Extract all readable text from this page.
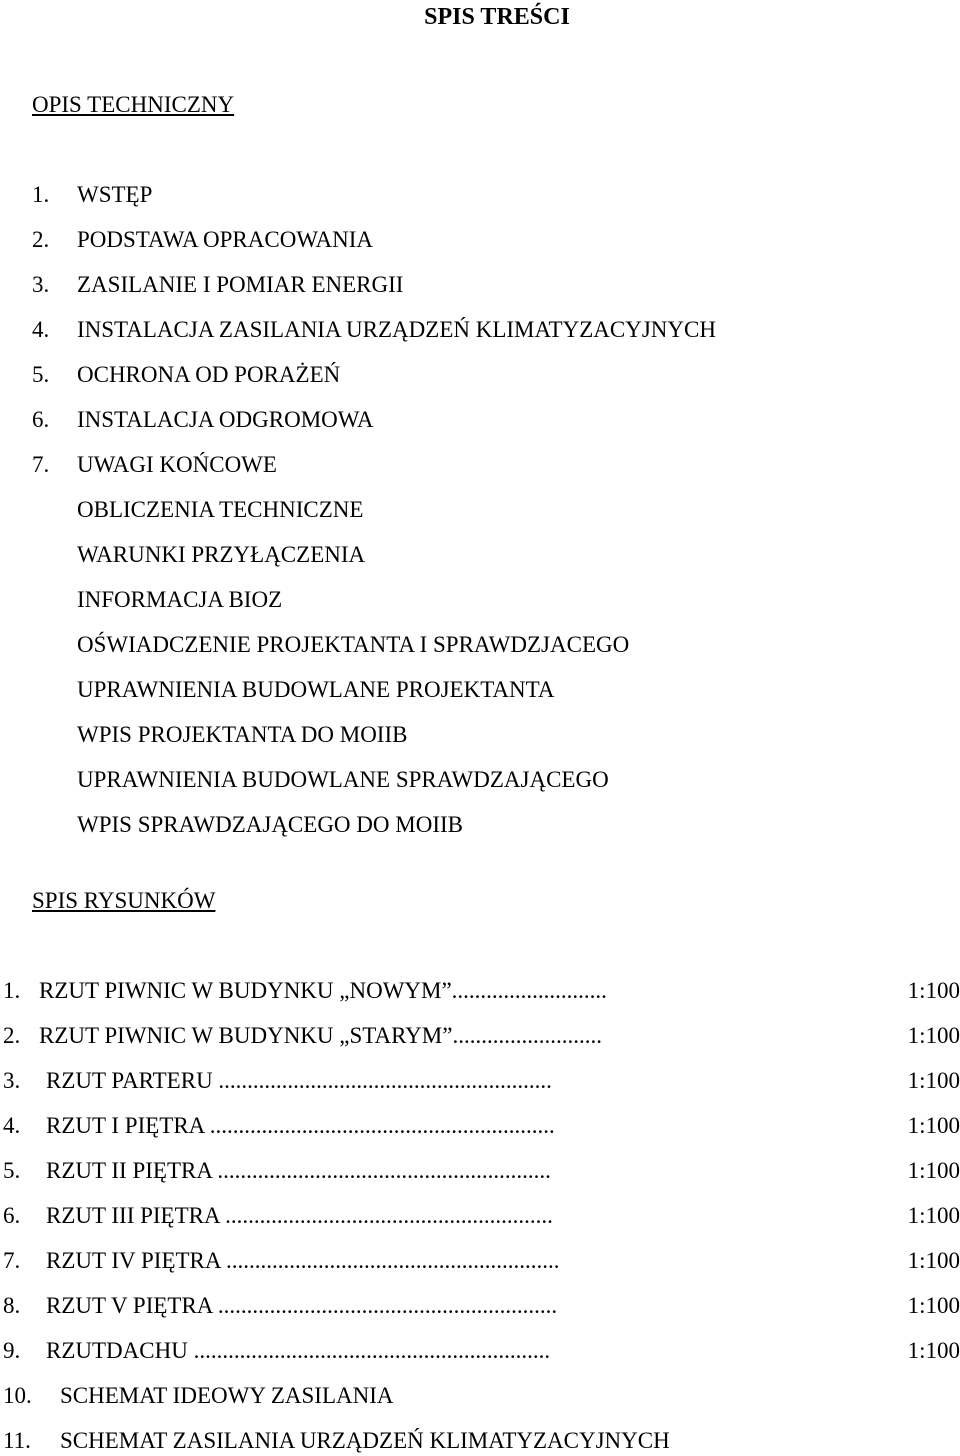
SPIS TREŚCI
OPIS TECHNICZNY
1. WSTĘP
2. PODSTAWA OPRACOWANIA
3. ZASILANIE I POMIAR ENERGII
4. INSTALACJA ZASILANIA URZĄDZEŃ KLIMATYZACYJNYCH
5. OCHRONA OD PORAŻEŃ
6. INSTALACJA ODGROMOWA
7. UWAGI KOŃCOWE
OBLICZENIA TECHNICZNE
WARUNKI PRZYŁĄCZENIA
INFORMACJA BIOZ
OŚWIADCZENIE PROJEKTANTA I SPRAWDZJACEGO
UPRAWNIENIA BUDOWLANE PROJEKTANTA
WPIS PROJEKTANTA DO MOIIB
UPRAWNIENIA BUDOWLANE SPRAWDZAJĄCEGO
WPIS SPRAWDZAJĄCEGO DO MOIIB
SPIS RYSUNKÓW
1. RZUT PIWNIC W BUDYNKU „NOWYM”...........................	1:100
2. RZUT PIWNIC W BUDYNKU „STARYM”..........................	1:100
3. RZUT PARTERU ..........................................................	1:100
4. RZUT I PIĘTRA ............................................................	1:100
5. RZUT II PIĘTRA ..........................................................	1:100
6. RZUT III PIĘTRA .........................................................	1:100
7. RZUT IV PIĘTRA ..........................................................	1:100
8. RZUT V PIĘTRA ...........................................................	1:100
9. RZUTDACHU ..............................................................	1:100
10. SCHEMAT IDEOWY ZASILANIA
11. SCHEMAT ZASILANIA URZĄDZEŃ KLIMATYZACYJNYCH
